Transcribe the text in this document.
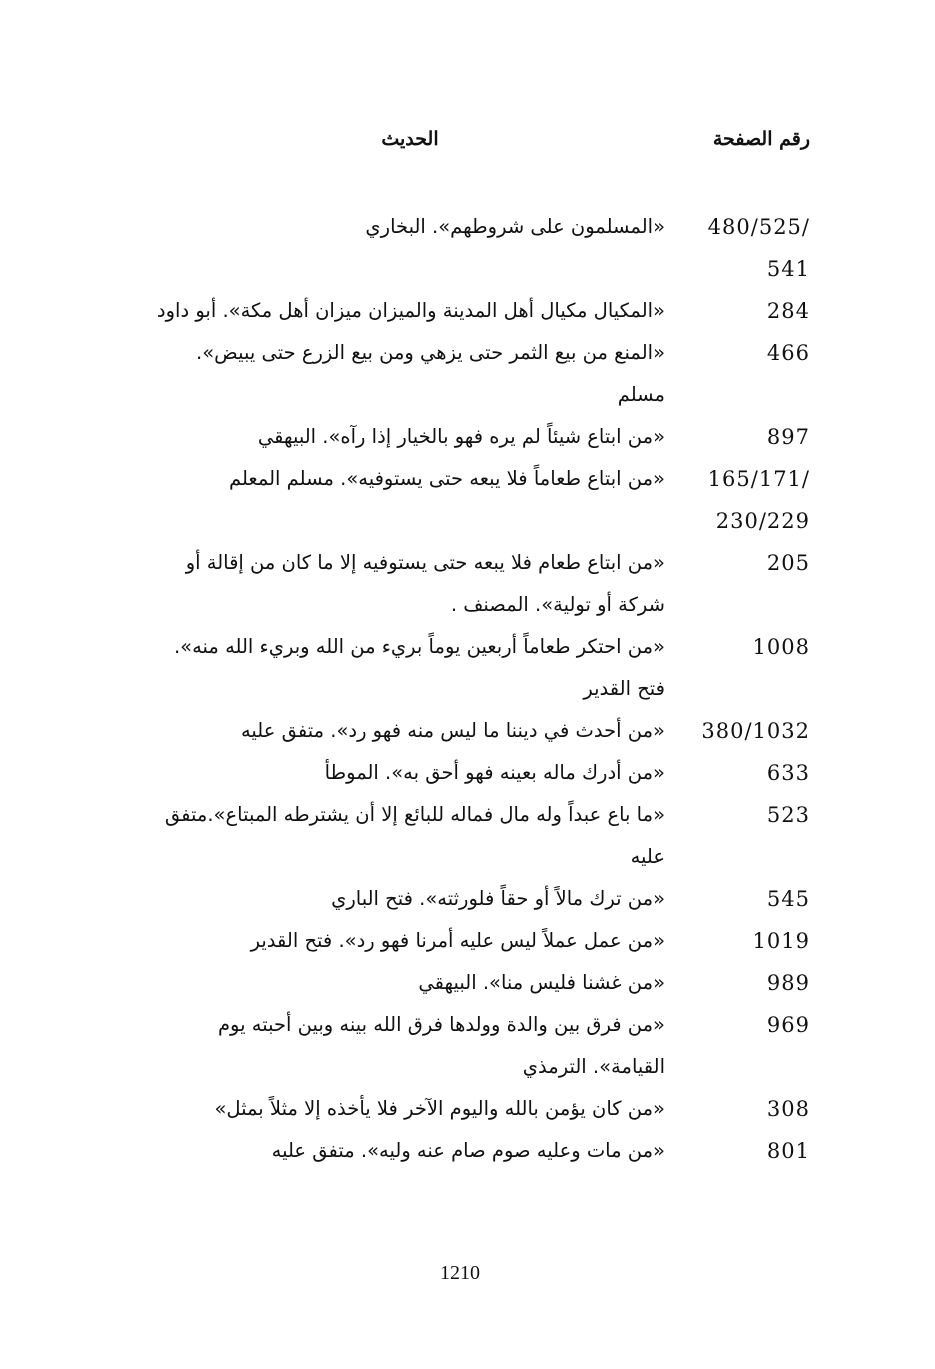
رقم الصفحة
الحديث
480/525/
541
«المسلمون على شروطهم». البخاري
284
«المكيال مكيال أهل المدينة والميزان ميزان أهل مكة». أبو داود
466
«المنع من بيع الثمر حتى يزهي ومن بيع الزرع حتى يبيض».
مسلم
897
«من ابتاع شيئاً لم يره فهو بالخيار إذا رآه». البيهقي
165/171/
230/229
«من ابتاع طعاماً فلا يبعه حتى يستوفيه». مسلم المعلم
205
«من ابتاع طعام فلا يبعه حتى يستوفيه إلا ما كان من إقالة أو
شركة أو تولية». المصنف .
1008
«من احتكر طعاماً أربعين يوماً بريء من الله وبريء الله منه».
فتح القدير
380/1032
«من أحدث في ديننا ما ليس منه فهو رد». متفق عليه
633
«من أدرك ماله بعينه فهو أحق به». الموطأ
523
«ما باع عبداً وله مال فماله للبائع إلا أن يشترطه المبتاع».متفق
عليه
545
«من ترك مالاً أو حقاً فلورثته». فتح الباري
1019
«من عمل عملاً ليس عليه أمرنا فهو رد». فتح القدير
989
«من غشنا فليس منا». البيهقي
969
«من فرق بين والدة وولدها فرق الله بينه وبين أحبته يوم
القيامة». الترمذي
308
«من كان يؤمن بالله واليوم الآخر فلا يأخذه إلا مثلاً بمثل»
801
«من مات وعليه صوم صام عنه وليه». متفق عليه
1210
